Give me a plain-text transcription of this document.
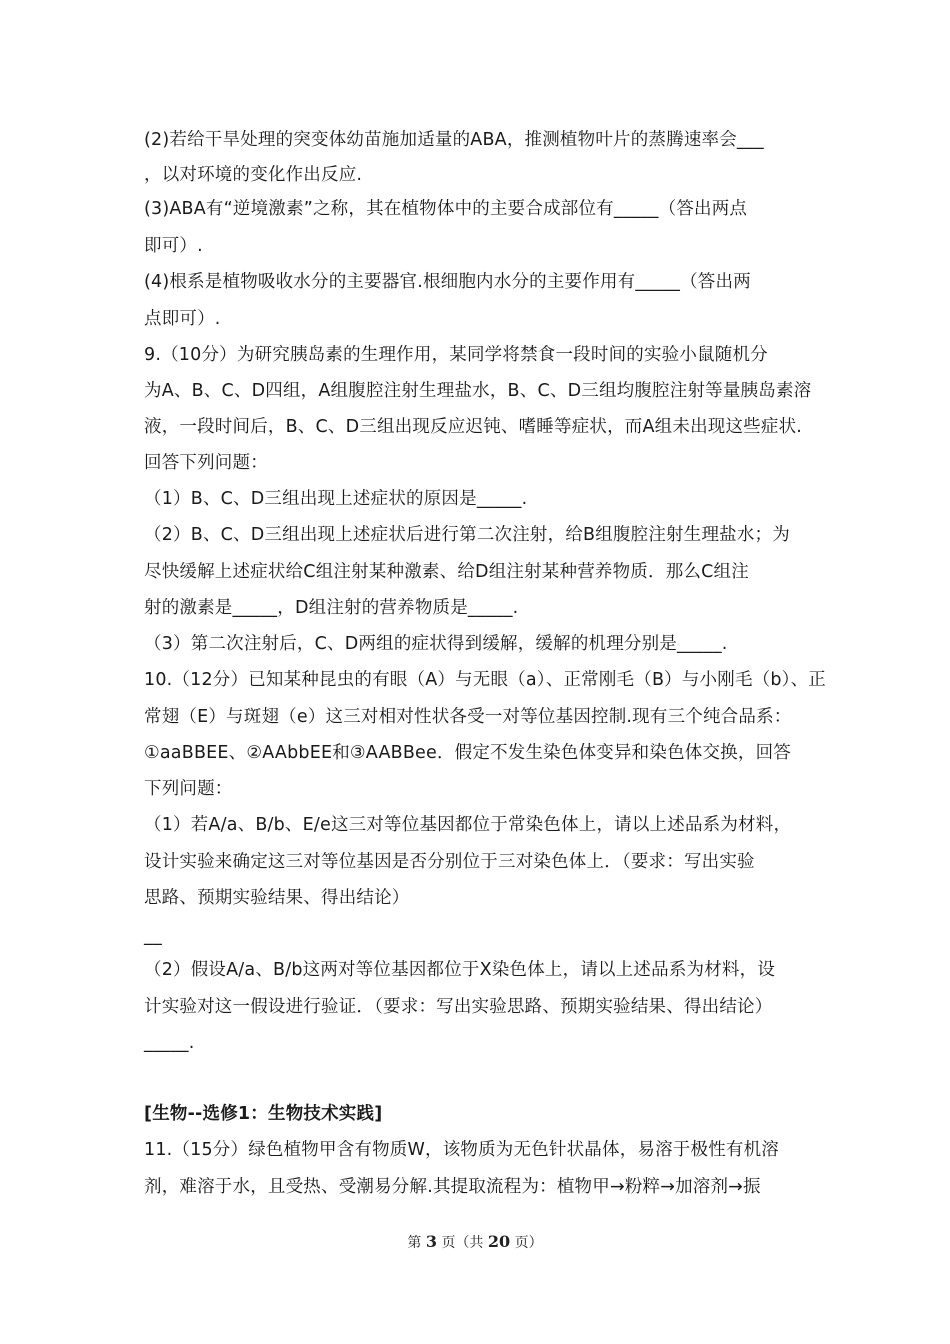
(2)若给干旱处理的突变体幼苗施加适量的ABA，推测植物叶片的蒸腾速率会___
，以对环境的变化作出反应.
(3)ABA有“逆境激素”之称，其在植物体中的主要合成部位有_____（答出两点
即可）.
(4)根系是植物吸收水分的主要器官.根细胞内水分的主要作用有_____（答出两
点即可）.
9.（10分）为研究胰岛素的生理作用，某同学将禁食一段时间的实验小鼠随机分
为A、B、C、D四组，A组腹腔注射生理盐水，B、C、D三组均腹腔注射等量胰岛素溶
液，一段时间后，B、C、D三组出现反应迟钝、嗜睡等症状，而A组未出现这些症状.
回答下列问题：
（1）B、C、D三组出现上述症状的原因是_____.
（2）B、C、D三组出现上述症状后进行第二次注射，给B组腹腔注射生理盐水；为
尽快缓解上述症状给C组注射某种激素、给D组注射某种营养物质．那么C组注
射的激素是_____，D组注射的营养物质是_____.
（3）第二次注射后，C、D两组的症状得到缓解，缓解的机理分别是_____.
10.（12分）已知某种昆虫的有眼（A）与无眼（a）、正常刚毛（B）与小刚毛（b）、正
常翅（E）与斑翅（e）这三对相对性状各受一对等位基因控制.现有三个纯合品系：
①aaBBEE、②AAbbEE和③AABBee．假定不发生染色体变异和染色体交换，回答
下列问题：
（1）若A/a、B/b、E/e这三对等位基因都位于常染色体上，请以上述品系为材料，
设计实验来确定这三对等位基因是否分别位于三对染色体上．（要求：写出实验
思路、预期实验结果、得出结论）
__
（2）假设A/a、B/b这两对等位基因都位于X染色体上，请以上述品系为材料，设
计实验对这一假设进行验证．（要求：写出实验思路、预期实验结果、得出结论）
_____.
[生物--选修1：生物技术实践]
11.（15分）绿色植物甲含有物质W，该物质为无色针状晶体，易溶于极性有机溶
剂，难溶于水，且受热、受潮易分解.其提取流程为：植物甲→粉粹→加溶剂→振
第 3 页（共 20 页）
